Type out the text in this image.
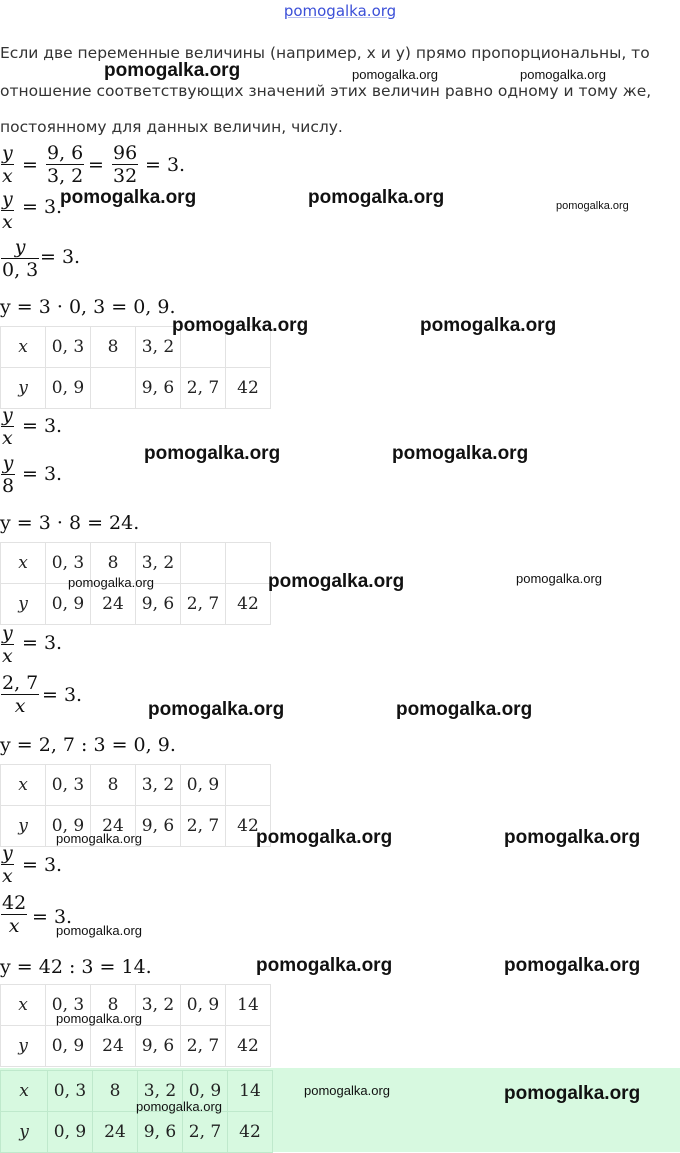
pomogalka.org
Если две переменные величины (например, x и y) прямо пропорциональны, то
отношение соответствующих значений этих величин равно одному и тому же,
постоянному для данных величин, числу.
$\frac{y}{x} = \frac{9, 6}{3, 2} = \frac{96}{32} = 3$.
$\frac{y}{x} = 3$.
$\frac{y}{0, 3} = 3$.
y = 3 · 0, 3 = 0, 9.
x	0, 3	8	3, 2		
y	0, 9		9, 6	2, 7	42
$\frac{y}{x} = 3$.
$\frac{y}{8} = 3$.
y = 3 · 8 = 24.
x	0, 3	8	3, 2		
y	0, 9	24	9, 6	2, 7	42
$\frac{y}{x} = 3$.
$\frac{2, 7}{x} = 3$.
y = 2, 7 : 3 = 0, 9.
x	0, 3	8	3, 2	0, 9	
y	0, 9	24	9, 6	2, 7	42
$\frac{y}{x} = 3$.
$\frac{42}{x} = 3$.
y = 42 : 3 = 14.
x	0, 3	8	3, 2	0, 9	14
y	0, 9	24	9, 6	2, 7	42
x	0, 3	8	3, 2	0, 9	14
y	0, 9	24	9, 6	2, 7	42
pomogalka.org	pomogalka.org	pomogalka.org
pomogalka.org	pomogalka.org	pomogalka.org
pomogalka.org	pomogalka.org
pomogalka.org	pomogalka.org
pomogalka.org	pomogalka.org	pomogalka.org
pomogalka.org	pomogalka.org
pomogalka.org	pomogalka.org	pomogalka.org
pomogalka.org
pomogalka.org	pomogalka.org
pomogalka.org
pomogalka.org	pomogalka.org
pomogalka.org
